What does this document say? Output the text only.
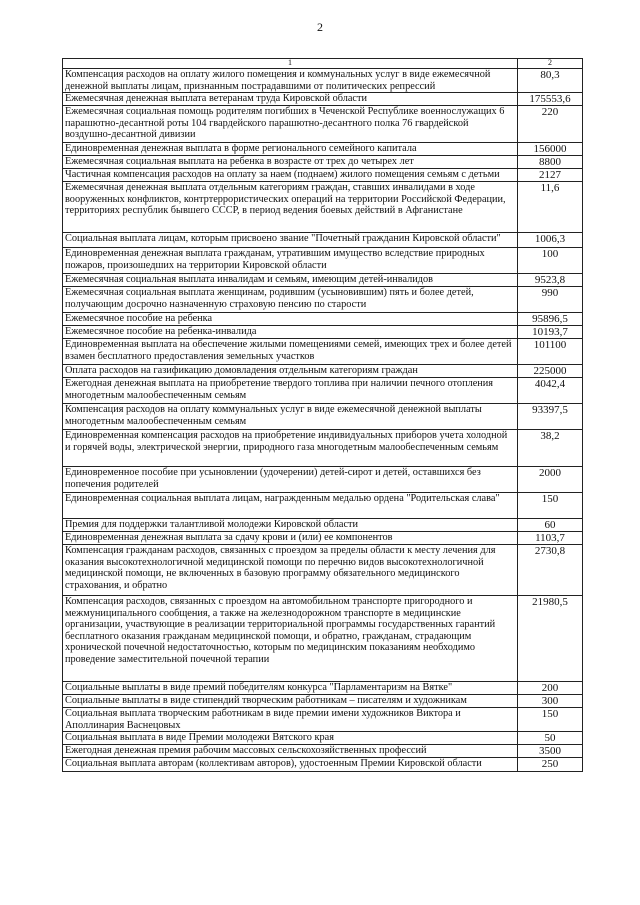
2
1	2
Компенсация расходов на оплату жилого помещения и коммунальных услуг в виде ежемесячной денежной выплаты лицам, признанным пострадавшими от политических репрессий	80,3
Ежемесячная денежная выплата ветеранам труда Кировской области	175553,6
Ежемесячная социальная помощь родителям погибших в Чеченской Республике военнослужащих 6 парашютно-десантной роты 104 гвардейского парашютно-десантного полка 76 гвардейской воздушно-десантной дивизии	220
Единовременная денежная выплата в форме регионального семейного капитала	156000
Ежемесячная социальная выплата на ребенка в возрасте от трех до четырех лет	8800
Частичная компенсация расходов на оплату за наем (поднаем) жилого помещения семьям с детьми	2127
Ежемесячная денежная выплата отдельным категориям граждан, ставших инвалидами в ходе вооруженных конфликтов, контртеррористических операций на территории Российской Федерации, территориях республик бывшего СССР, в период ведения боевых действий в Афганистане	11,6
Социальная выплата лицам, которым присвоено звание "Почетный гражданин Кировской области"	1006,3
Единовременная денежная выплата гражданам, утратившим имущество вследствие природных пожаров, произошедших на территории Кировской области	100
Ежемесячная социальная выплата инвалидам и семьям, имеющим детей-инвалидов	9523,8
Ежемесячная социальная выплата женщинам, родившим (усыновившим) пять и более детей, получающим досрочно назначенную страховую пенсию по старости	990
Ежемесячное пособие на ребенка	95896,5
Ежемесячное пособие на ребенка-инвалида	10193,7
Единовременная выплата на обеспечение жилыми помещениями семей, имеющих трех и более детей взамен бесплатного предоставления земельных участков	101100
Оплата расходов на газификацию домовладения отдельным категориям граждан	225000
Ежегодная денежная выплата на приобретение твердого топлива при наличии печного отопления многодетным малообеспеченным семьям	4042,4
Компенсация расходов на оплату коммунальных услуг в виде ежемесячной денежной выплаты многодетным малообеспеченным семьям	93397,5
Единовременная компенсация расходов на приобретение индивидуальных приборов учета холодной и горячей воды, электрической энергии, природного газа многодетным малообеспеченным семьям	38,2
Единовременное пособие при усыновлении (удочерении) детей-сирот и детей, оставшихся без попечения родителей	2000
Единовременная социальная выплата лицам, награжденным медалью ордена "Родительская слава"	150
Премия для поддержки талантливой молодежи Кировской области	60
Единовременная денежная выплата за сдачу крови и (или) ее компонентов	1103,7
Компенсация гражданам расходов, связанных с проездом за пределы области к месту лечения для оказания высокотехнологичной медицинской помощи по перечню видов высокотехнологичной медицинской помощи, не включенных в базовую программу обязательного медицинского страхования, и обратно	2730,8
Компенсация расходов, связанных с проездом на автомобильном транспорте пригородного и межмуниципального сообщения, а также на железнодорожном транспорте в медицинские организации, участвующие в реализации территориальной программы государственных гарантий бесплатного оказания гражданам медицинской помощи, и обратно, гражданам, страдающим хронической почечной недостаточностью, которым по медицинским показаниям необходимо проведение заместительной почечной терапии	21980,5
Социальные выплаты в виде премий победителям конкурса "Парламентаризм на Вятке"	200
Социальные выплаты в виде стипендий творческим работникам – писателям и художникам	300
Социальная выплата творческим работникам в виде премии имени художников Виктора и Аполлинария Васнецовых	150
Социальная выплата в виде Премии молодежи Вятского края	50
Ежегодная денежная премия рабочим массовых сельскохозяйственных профессий	3500
Социальная выплата авторам (коллективам авторов), удостоенным Премии Кировской области	250
